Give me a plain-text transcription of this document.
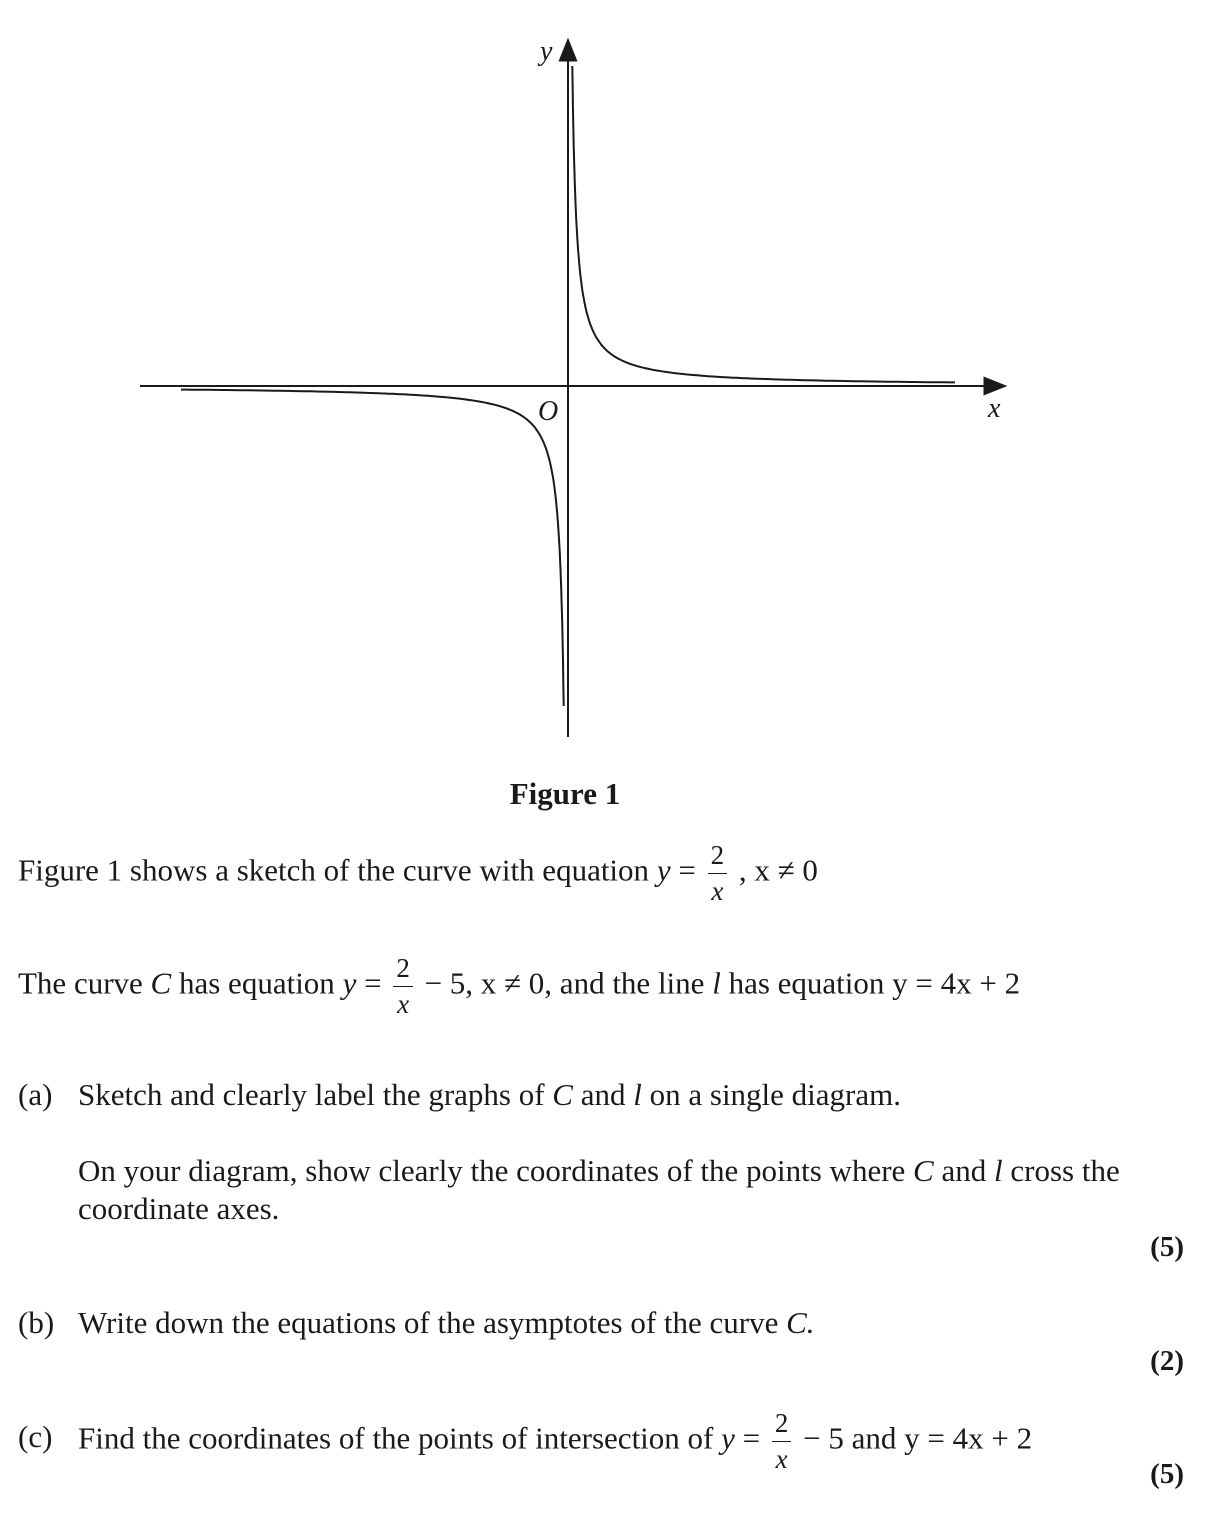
y
x
O
Figure 1
Figure 1 shows a sketch of the curve with equation $y = \frac{2}{x}$ , x ≠ 0
The curve C has equation $y = \frac{2}{x} - 5$, x ≠ 0, and the line l has equation y = 4x + 2
(a) Sketch and clearly label the graphs of C and l on a single diagram.
On your diagram, show clearly the coordinates of the points where C and l cross the
coordinate axes.
(5)
(b) Write down the equations of the asymptotes of the curve C.
(2)
(c) Find the coordinates of the points of intersection of $y = \frac{2}{x} - 5$ and y = 4x + 2
(5)
